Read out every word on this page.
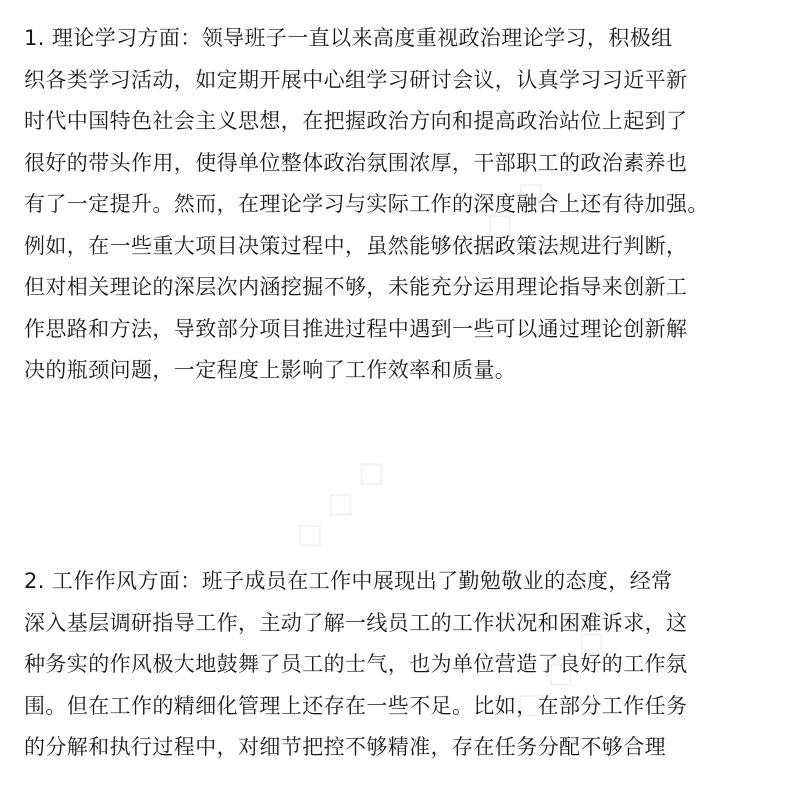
◇ ◇ ◇
◇ ◇ ◇
◇ ◇ ◇
1. 理论学习方面：领导班子一直以来高度重视政治理论学习，积极组
织各类学习活动，如定期开展中心组学习研讨会议，认真学习习近平新
时代中国特色社会主义思想，在把握政治方向和提高政治站位上起到了
很好的带头作用，使得单位整体政治氛围浓厚，干部职工的政治素养也
有了一定提升。然而，在理论学习与实际工作的深度融合上还有待加强。
例如，在一些重大项目决策过程中，虽然能够依据政策法规进行判断，
但对相关理论的深层次内涵挖掘不够，未能充分运用理论指导来创新工
作思路和方法，导致部分项目推进过程中遇到一些可以通过理论创新解
决的瓶颈问题，一定程度上影响了工作效率和质量。
2. 工作作风方面：班子成员在工作中展现出了勤勉敬业的态度，经常
深入基层调研指导工作，主动了解一线员工的工作状况和困难诉求，这
种务实的作风极大地鼓舞了员工的士气，也为单位营造了良好的工作氛
围。但在工作的精细化管理上还存在一些不足。比如，在部分工作任务
的分解和执行过程中，对细节把控不够精准，存在任务分配不够合理
